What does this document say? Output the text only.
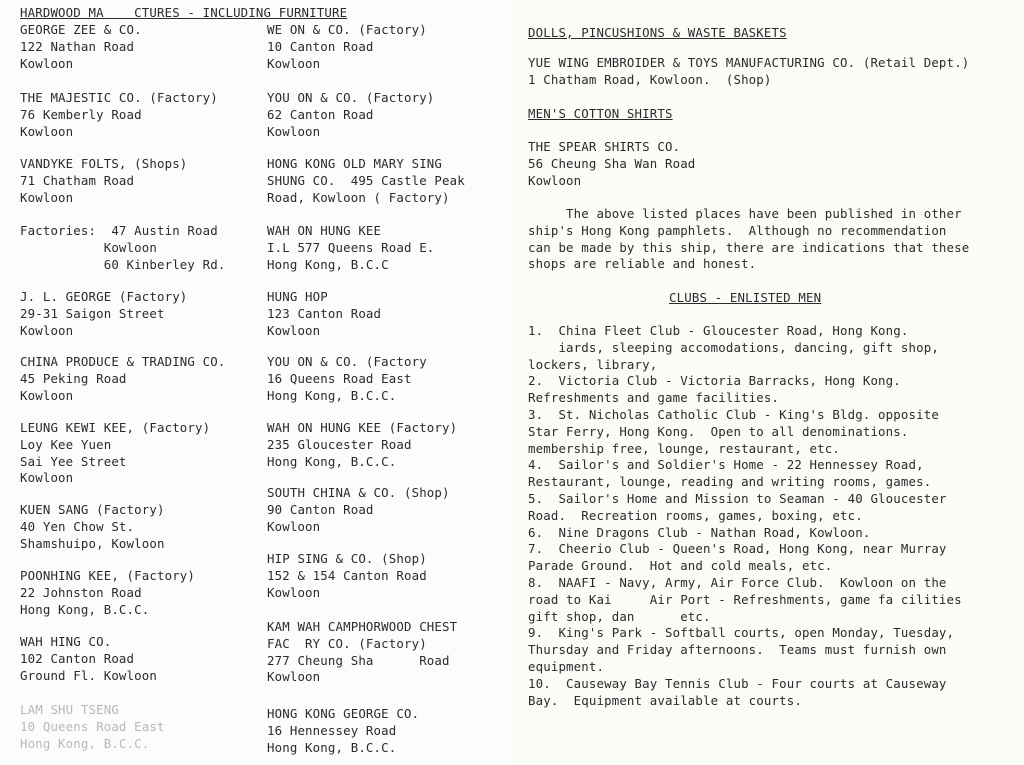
HARDWOOD MA    CTURES - INCLUDING FURNITURE
GEORGE ZEE & CO.
122 Nathan Road
Kowloon
THE MAJESTIC CO. (Factory)
76 Kemberly Road
Kowloon
VANDYKE FOLTS, (Shops)
71 Chatham Road
Kowloon
Factories:  47 Austin Road
Kowloon
60 Kinberley Rd.
J. L. GEORGE (Factory)
29-31 Saigon Street
Kowloon
CHINA PRODUCE & TRADING CO.
45 Peking Road
Kowloon
LEUNG KEWI KEE, (Factory)
Loy Kee Yuen
Sai Yee Street
Kowloon
KUEN SANG (Factory)
40 Yen Chow St.
Shamshuipo, Kowloon
POONHING KEE, (Factory)
22 Johnston Road
Hong Kong, B.C.C.
WAH HING CO.
102 Canton Road
Ground Fl. Kowloon
LAM SHU TSENG
10 Queens Road East
Hong Kong, B.C.C.
WE ON & CO. (Factory)
10 Canton Road
Kowloon
YOU ON & CO. (Factory)
62 Canton Road
Kowloon
HONG KONG OLD MARY SING
SHUNG CO.  495 Castle Peak
Road, Kowloon ( Factory)
WAH ON HUNG KEE
I.L 577 Queens Road E.
Hong Kong, B.C.C
HUNG HOP
123 Canton Road
Kowloon
YOU ON & CO. (Factory
16 Queens Road East
Hong Kong, B.C.C.
WAH ON HUNG KEE (Factory)
235 Gloucester Road
Hong Kong, B.C.C.
SOUTH CHINA & CO. (Shop)
90 Canton Road
Kowloon
HIP SING & CO. (Shop)
152 & 154 Canton Road
Kowloon
KAM WAH CAMPHORWOOD CHEST
FAC  RY CO. (Factory)
277 Cheung Sha      Road
Kowloon
HONG KONG GEORGE CO.
16 Hennessey Road
Hong Kong, B.C.C.
DOLLS, PINCUSHIONS & WASTE BASKETS
YUE WING EMBROIDER & TOYS MANUFACTURING CO. (Retail Dept.)
1 Chatham Road, Kowloon.  (Shop)
MEN'S COTTON SHIRTS
THE SPEAR SHIRTS CO.
56 Cheung Sha Wan Road
Kowloon
The above listed places have been published in other
ship's Hong Kong pamphlets.  Although no recommendation
can be made by this ship, there are indications that these
shops are reliable and honest.
CLUBS - ENLISTED MEN
1.  China Fleet Club - Gloucester Road, Hong Kong.
iards, sleeping accomodations, dancing, gift shop,
lockers, library,
2.  Victoria Club - Victoria Barracks, Hong Kong.
Refreshments and game facilities.
3.  St. Nicholas Catholic Club - King's Bldg. opposite
Star Ferry, Hong Kong.  Open to all denominations.
membership free, lounge, restaurant, etc.
4.  Sailor's and Soldier's Home - 22 Hennessey Road,
Restaurant, lounge, reading and writing rooms, games.
5.  Sailor's Home and Mission to Seaman - 40 Gloucester
Road.  Recreation rooms, games, boxing, etc.
6.  Nine Dragons Club - Nathan Road, Kowloon.
7.  Cheerio Club - Queen's Road, Hong Kong, near Murray
Parade Ground.  Hot and cold meals, etc.
8.  NAAFI - Navy, Army, Air Force Club.  Kowloon on the
road to Kai     Air Port - Refreshments, game fa cilities
gift shop, dan      etc.
9.  King's Park - Softball courts, open Monday, Tuesday,
Thursday and Friday afternoons.  Teams must furnish own
equipment.
10.  Causeway Bay Tennis Club - Four courts at Causeway
Bay.  Equipment available at courts.
